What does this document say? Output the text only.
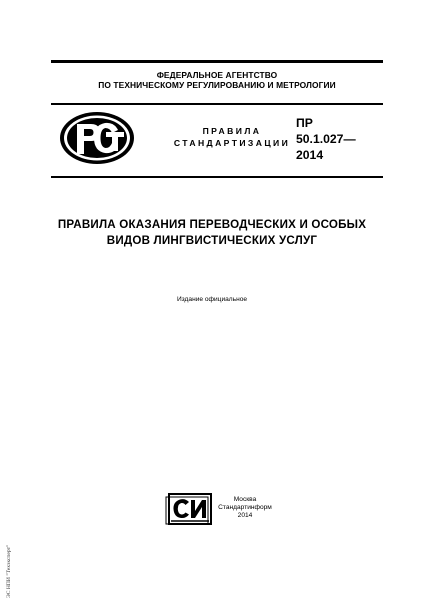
ФЕДЕРАЛЬНОЕ АГЕНТСТВО
ПО ТЕХНИЧЕСКОМУ РЕГУЛИРОВАНИЮ И МЕТРОЛОГИИ
ПРАВИЛА
СТАНДАРТИЗАЦИИ
ПР
50.1.027—
2014
ПРАВИЛА ОКАЗАНИЯ ПЕРЕВОДЧЕСКИХ И ОСОБЫХ
ВИДОВ ЛИНГВИСТИЧЕСКИХ УСЛУГ
Издание официальное
Москва
Стандартинформ
2014
ЭС НПИ "Техэксперт"
